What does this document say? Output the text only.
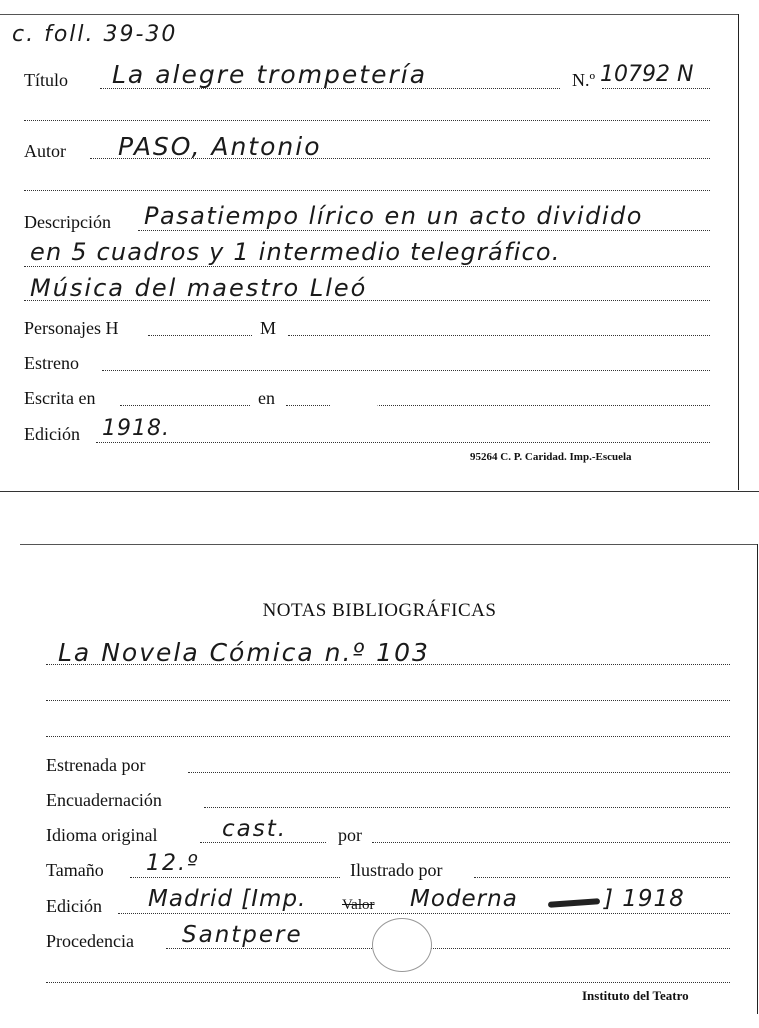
c. foll. 39-30
Título La alegre trompetería	N.º 10792 N
Autor PASO, Antonio
Descripción Pasatiempo lírico en un acto dividido
en 5 cuadros y 1 intermedio telegráfico.
Música del maestro Lleó
Personajes H	M
Estreno
Escrita en	en
Edición 1918.
95264 C. P. Caridad. Imp.-Escuela
NOTAS BIBLIOGRÁFICAS
La Novela Cómica n.º 103
Estrenada por
Encuadernación
Idioma original	cast.	por
Tamaño 12.º	Ilustrado por
Edición Madrid [Imp. Valor Moderna	] 1918
Procedencia Santpere
Instituto del Teatro
